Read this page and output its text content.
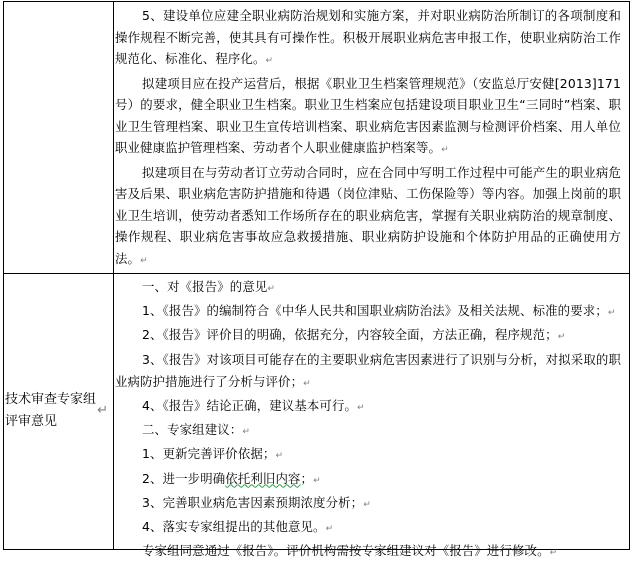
5、建设单位应建全职业病防治规划和实施方案，并对职业病防治所制订的各项制度和操作规程不断完善，使其具有可操作性。积极开展职业病危害申报工作，使职业病防治工作规范化、标准化、程序化。↵

拟建项目应在投产运营后，根据《职业卫生档案管理规范》（安监总厅安健[2013]171号）的要求，健全职业卫生档案。职业卫生档案应包括建设项目职业卫生“三同时”档案、职业卫生管理档案、职业卫生宣传培训档案、职业病危害因素监测与检测评价档案、用人单位职业健康监护管理档案、劳动者个人职业健康监护档案等。↵

拟建项目在与劳动者订立劳动合同时，应在合同中写明工作过程中可能产生的职业病危害及后果、职业病危害防护措施和待遇（岗位津贴、工伤保险等）等内容。加强上岗前的职业卫生培训，使劳动者悉知工作场所存在的职业病危害，掌握有关职业病防治的规章制度、操作规程、职业病危害事故应急救援措施、职业病防护设施和个体防护用品的正确使用方法。↵

技术审查专家组评审意见
↵

一、对《报告》的意见↵

1、《报告》的编制符合《中华人民共和国职业病防治法》及相关法规、标准的要求；↵

2、《报告》评价目的明确，依据充分，内容较全面，方法正确，程序规范；↵

3、《报告》对该项目可能存在的主要职业病危害因素进行了识别与分析，对拟采取的职业病防护措施进行了分析与评价；↵

4、《报告》结论正确，建议基本可行。↵

二、专家组建议：↵

1、更新完善评价依据；↵

2、进一步明确依托利旧内容；↵

3、完善职业病危害因素预期浓度分析；↵

4、落实专家组提出的其他意见。↵

专家组同意通过《报告》。评价机构需按专家组建议对《报告》进行修改。↵
